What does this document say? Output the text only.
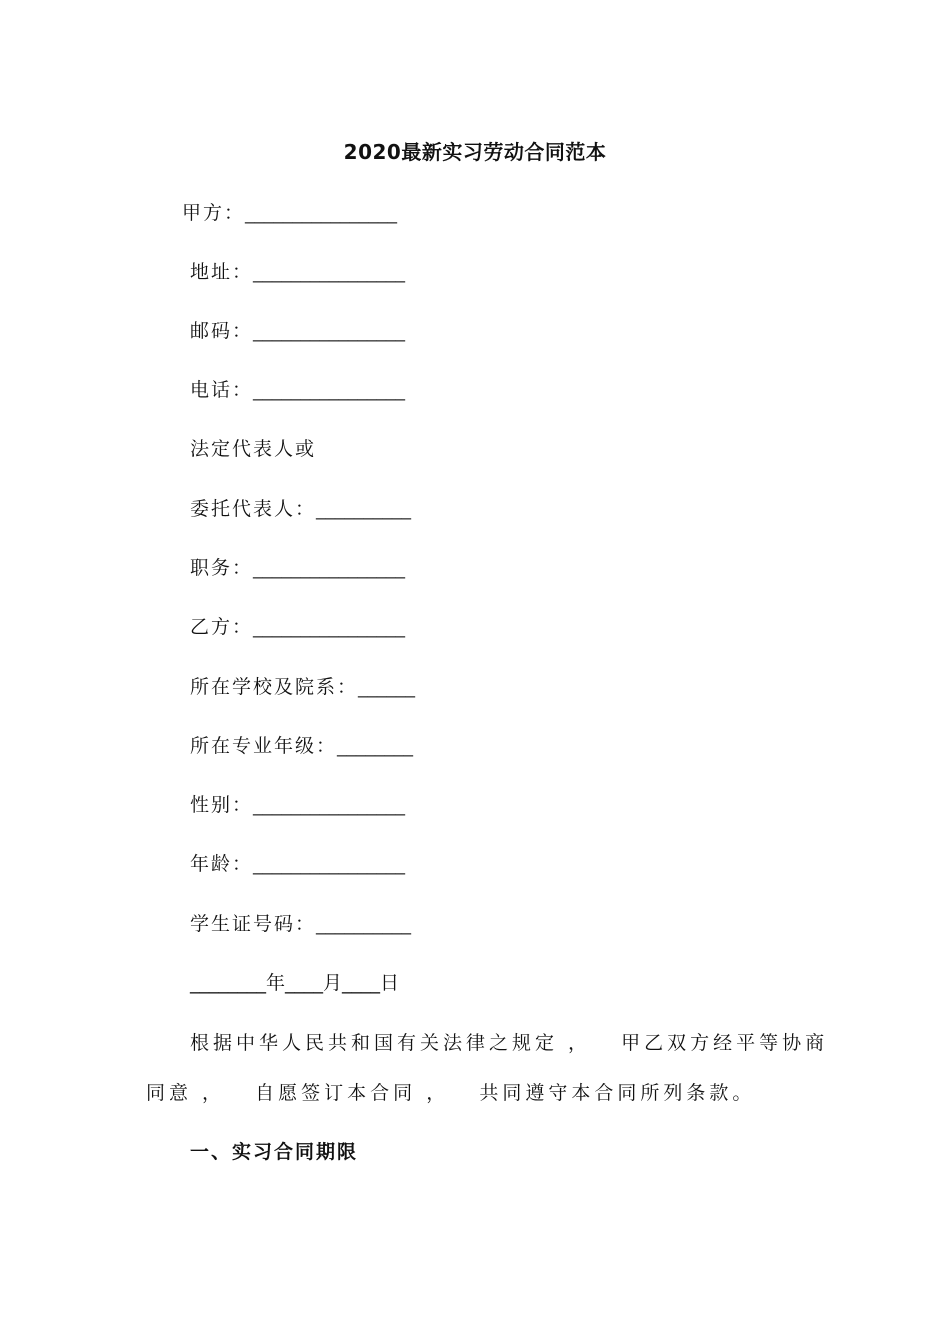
2020最新实习劳动合同范本
甲方：________________
地址：________________
邮码：________________
电话：________________
法定代表人或
委托代表人：__________
职务：________________
乙方：________________
所在学校及院系：______
所在专业年级：________
性别：________________
年龄：________________
学生证号码：__________
________年____月____日
根据中华人民共和国有关法律之规定 ，   甲乙双方经平等协商
同意 ，   自愿签订本合同 ，   共同遵守本合同所列条款。
一、实习合同期限
